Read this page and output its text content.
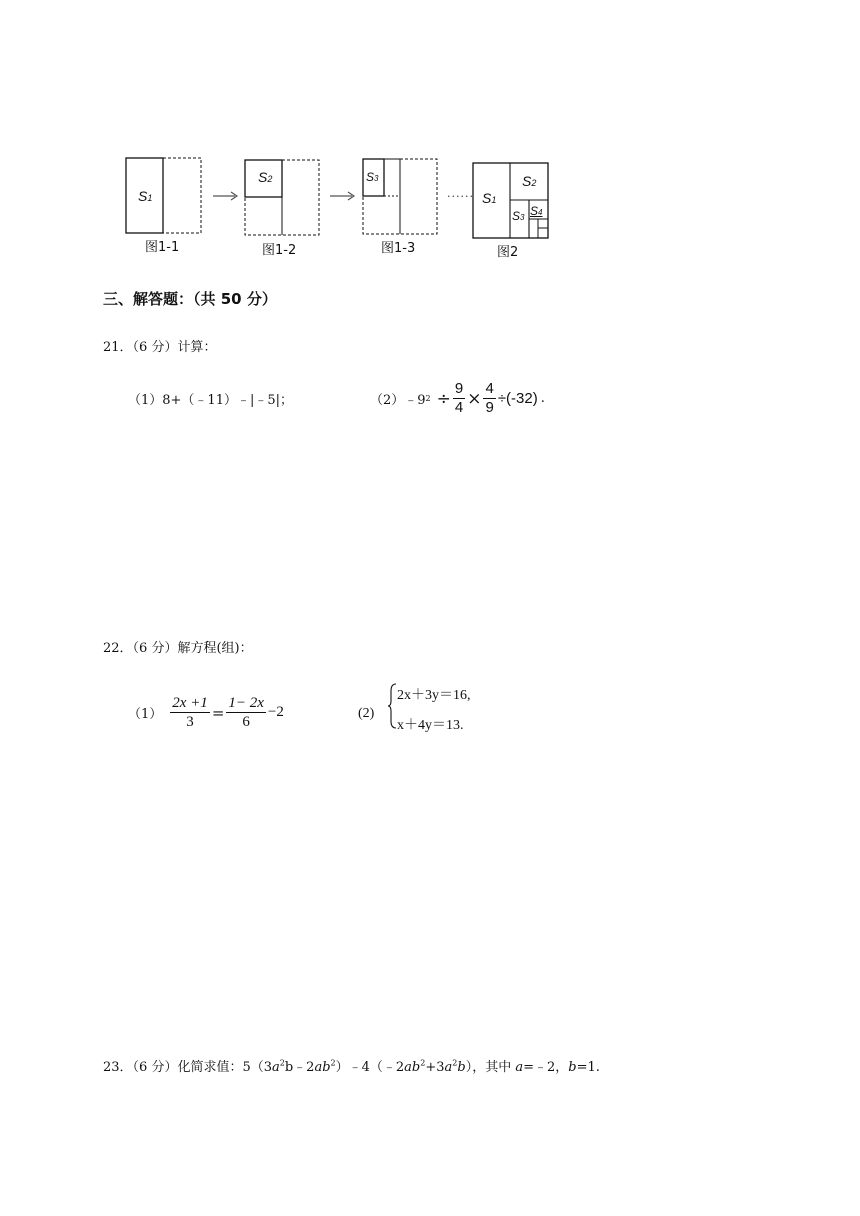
S1
图1-1
S2
图1-2
S3
图1-3
...... S1
S2
S3 S4
图2
三、解答题：（共 50 分）
21．（6 分）计算：
（1）8+（﹣11）﹣|﹣5|；	（2）﹣9 $2 \div \frac{9}{4} \times \frac{4}{9} \div(-32)$ .
22．（6 分）解方程(组)：
$(1) \frac{2x +1}{3} = \frac{1- 2x}{6} -2$	(2)
2x＋3y＝16,
x＋4y＝13.
23．（6 分）化简求值：$5(3a^2b﹣2ab^2)﹣4(﹣2ab^2+3a^2b)$，其中 a=﹣2，b=1.
